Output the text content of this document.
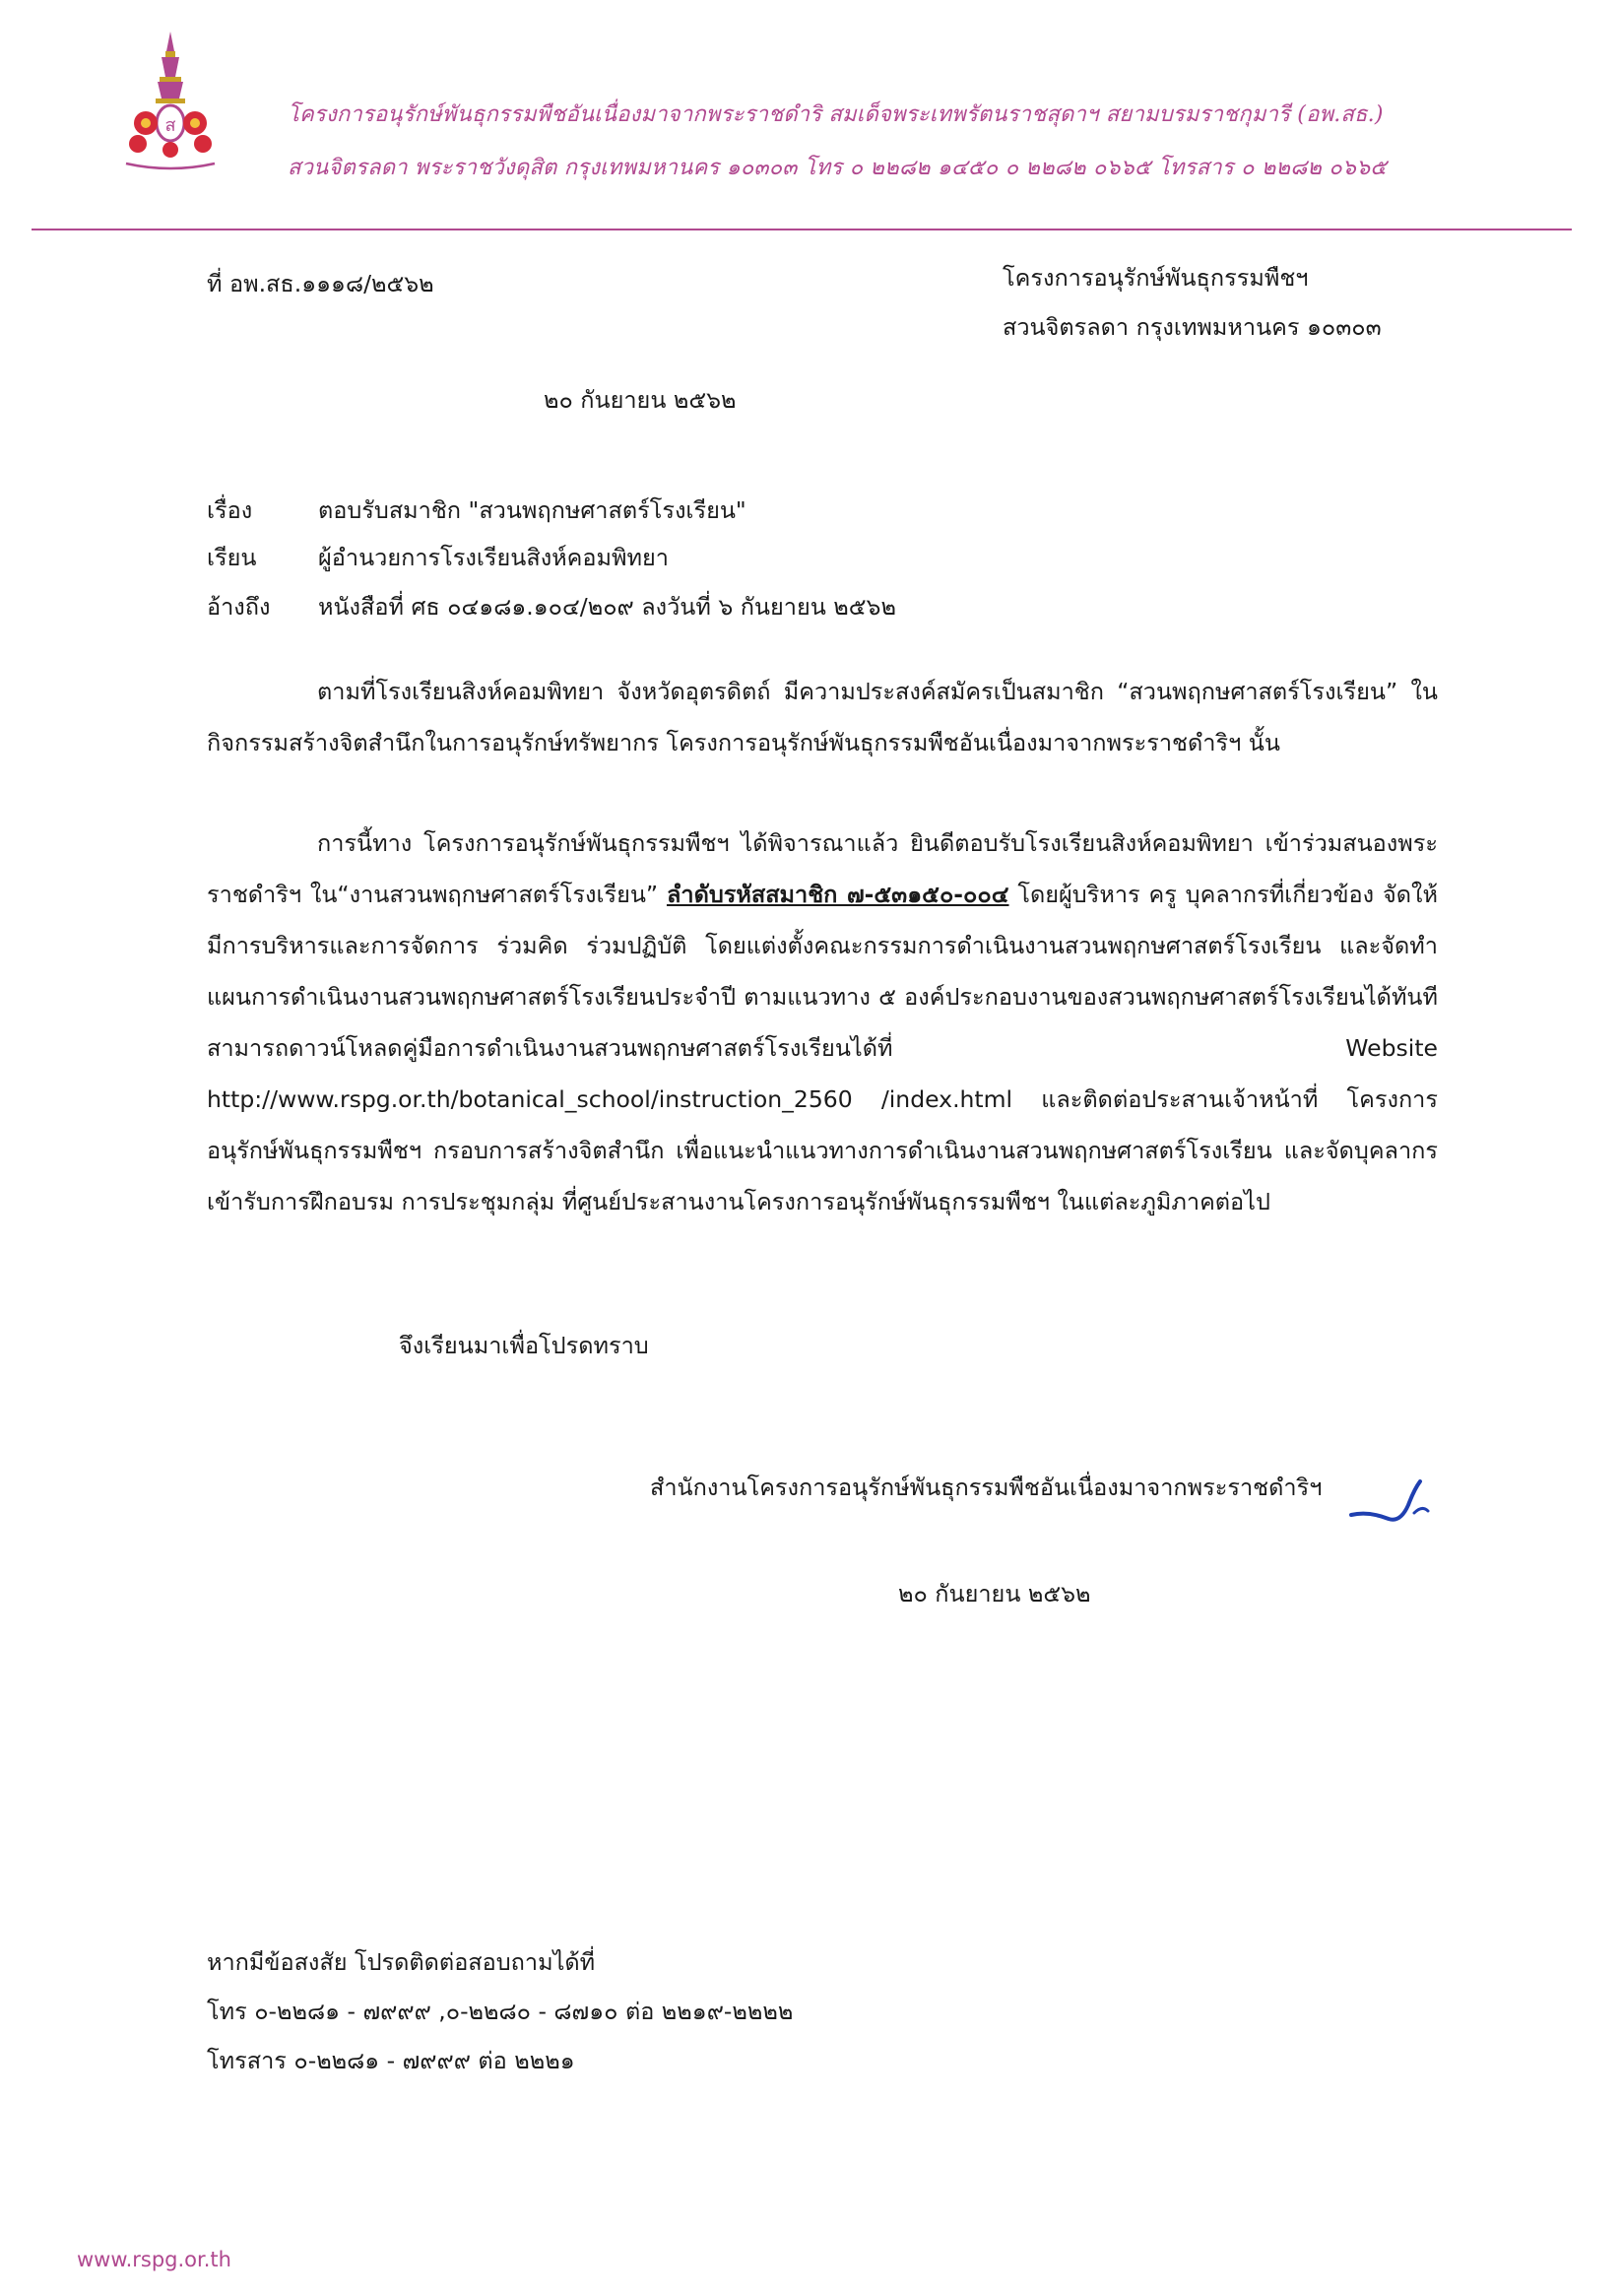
ส	โครงการอนุรักษ์พันธุกรรมพืชอันเนื่องมาจากพระราชดำริ สมเด็จพระเทพรัตนราชสุดาฯ สยามบรมราชกุมารี (อพ.สธ.)
สวนจิตรลดา พระราชวังดุสิต กรุงเทพมหานคร ๑๐๓๐๓ โทร ๐ ๒๒๘๒ ๑๔๕๐ ๐ ๒๒๘๒ ๐๖๖๕ โทรสาร ๐ ๒๒๘๒ ๐๖๖๕
ที่ อพ.สธ.๑๑๑๘/๒๕๖๒	โครงการอนุรักษ์พันธุกรรมพืชฯ
สวนจิตรลดา กรุงเทพมหานคร ๑๐๓๐๓
๒๐ กันยายน ๒๕๖๒
เรื่อง	ตอบรับสมาชิก "สวนพฤกษศาสตร์โรงเรียน"
เรียน	ผู้อำนวยการโรงเรียนสิงห์คอมพิทยา
อ้างถึง หนังสือที่ ศธ ๐๔๑๘๑.๑๐๔/๒๐๙ ลงวันที่ ๖ กันยายน ๒๕๖๒
ตามที่โรงเรียนสิงห์คอมพิทยา จังหวัดอุตรดิตถ์ มีความประสงค์สมัครเป็นสมาชิก “สวนพฤกษศาสตร์โรงเรียน” ในกิจกรรมสร้างจิตสำนึกในการอนุรักษ์ทรัพยากร โครงการอนุรักษ์พันธุกรรมพืชอันเนื่องมาจากพระราชดำริฯ นั้น
การนี้ทาง โครงการอนุรักษ์พันธุกรรมพืชฯ ได้พิจารณาแล้ว ยินดีตอบรับโรงเรียนสิงห์คอมพิทยา เข้าร่วมสนองพระราชดำริฯ ใน“งานสวนพฤกษศาสตร์โรงเรียน” ลำดับรหัสสมาชิก ๗-๕๓๑๕๐-๐๐๔ โดยผู้บริหาร ครู บุคลากรที่เกี่ยวข้อง จัดให้มีการบริหารและการจัดการ ร่วมคิด ร่วมปฏิบัติ โดยแต่งตั้งคณะกรรมการดำเนินงานสวนพฤกษศาสตร์โรงเรียน และจัดทำแผนการดำเนินงานสวนพฤกษศาสตร์โรงเรียนประจำปี ตามแนวทาง ๕ องค์ประกอบงานของสวนพฤกษศาสตร์โรงเรียนได้ทันที สามารถดาวน์โหลดคู่มือการดำเนินงานสวนพฤกษศาสตร์โรงเรียนได้ที่ Website http://www.rspg.or.th/botanical_school/instruction_2560 /index.html และติดต่อประสานเจ้าหน้าที่ โครงการอนุรักษ์พันธุกรรมพืชฯ กรอบการสร้างจิตสำนึก เพื่อแนะนำแนวทางการดำเนินงานสวนพฤกษศาสตร์โรงเรียน และจัดบุคลากรเข้ารับการฝึกอบรม การประชุมกลุ่ม ที่ศูนย์ประสานงานโครงการอนุรักษ์พันธุกรรมพืชฯ ในแต่ละภูมิภาคต่อไป
จึงเรียนมาเพื่อโปรดทราบ
สำนักงานโครงการอนุรักษ์พันธุกรรมพืชอันเนื่องมาจากพระราชดำริฯ
๒๐ กันยายน ๒๕๖๒
หากมีข้อสงสัย โปรดติดต่อสอบถามได้ที่
โทร ๐-๒๒๘๑ - ๗๙๙๙ ,๐-๒๒๘๐ - ๘๗๑๐ ต่อ ๒๒๑๙-๒๒๒๒
โทรสาร ๐-๒๒๘๑ - ๗๙๙๙ ต่อ ๒๒๒๑
www.rspg.or.th
